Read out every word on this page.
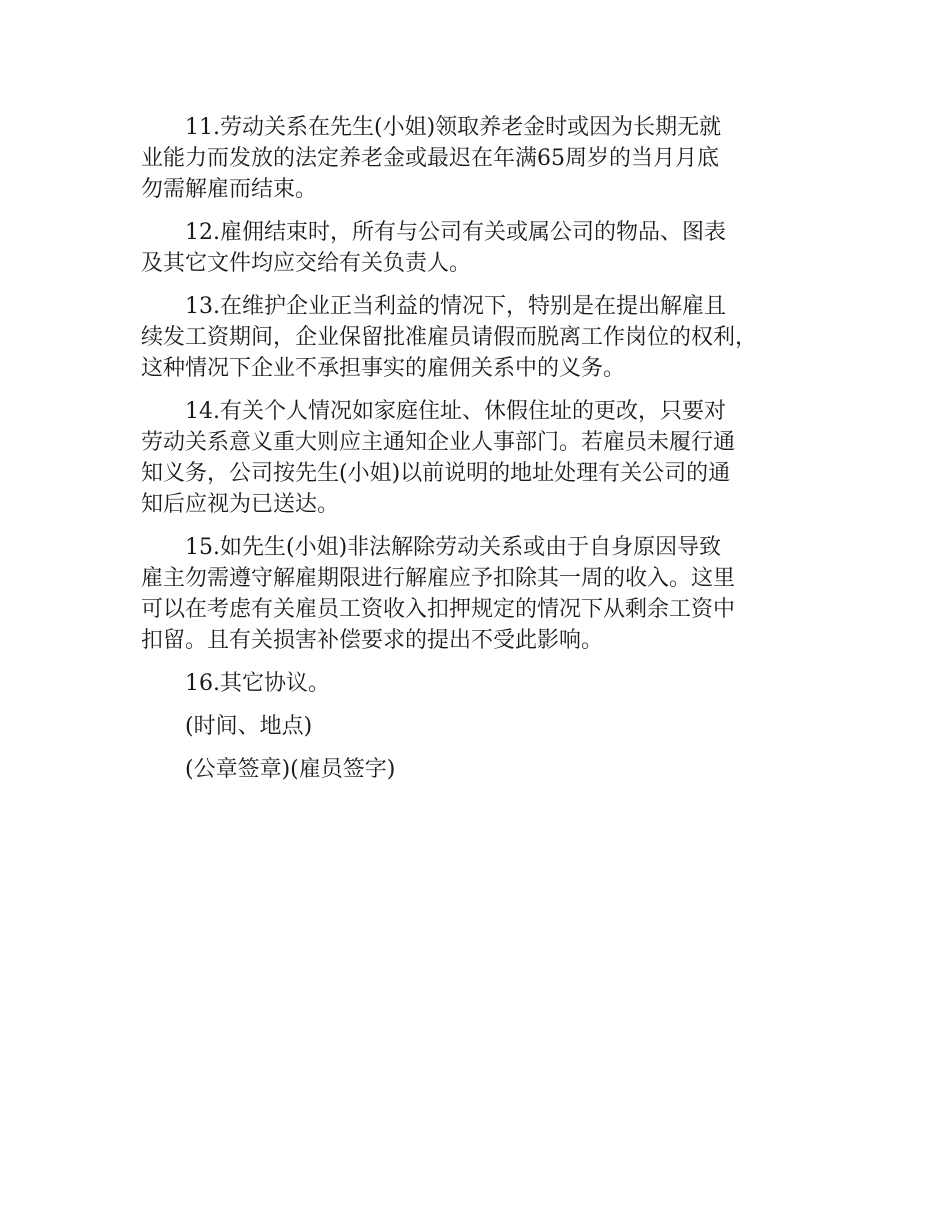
11.劳动关系在先生(小姐)领取养老金时或因为长期无就
业能力而发放的法定养老金或最迟在年满65周岁的当月月底
勿需解雇而结束。

12.雇佣结束时，所有与公司有关或属公司的物品、图表
及其它文件均应交给有关负责人。

13.在维护企业正当利益的情况下，特别是在提出解雇且
续发工资期间，企业保留批准雇员请假而脱离工作岗位的权利，
这种情况下企业不承担事实的雇佣关系中的义务。

14.有关个人情况如家庭住址、休假住址的更改，只要对
劳动关系意义重大则应主通知企业人事部门。若雇员未履行通
知义务，公司按先生(小姐)以前说明的地址处理有关公司的通
知后应视为已送达。

15.如先生(小姐)非法解除劳动关系或由于自身原因导致
雇主勿需遵守解雇期限进行解雇应予扣除其一周的收入。这里
可以在考虑有关雇员工资收入扣押规定的情况下从剩余工资中
扣留。且有关损害补偿要求的提出不受此影响。

16.其它协议。

(时间、地点)

(公章签章)(雇员签字)
